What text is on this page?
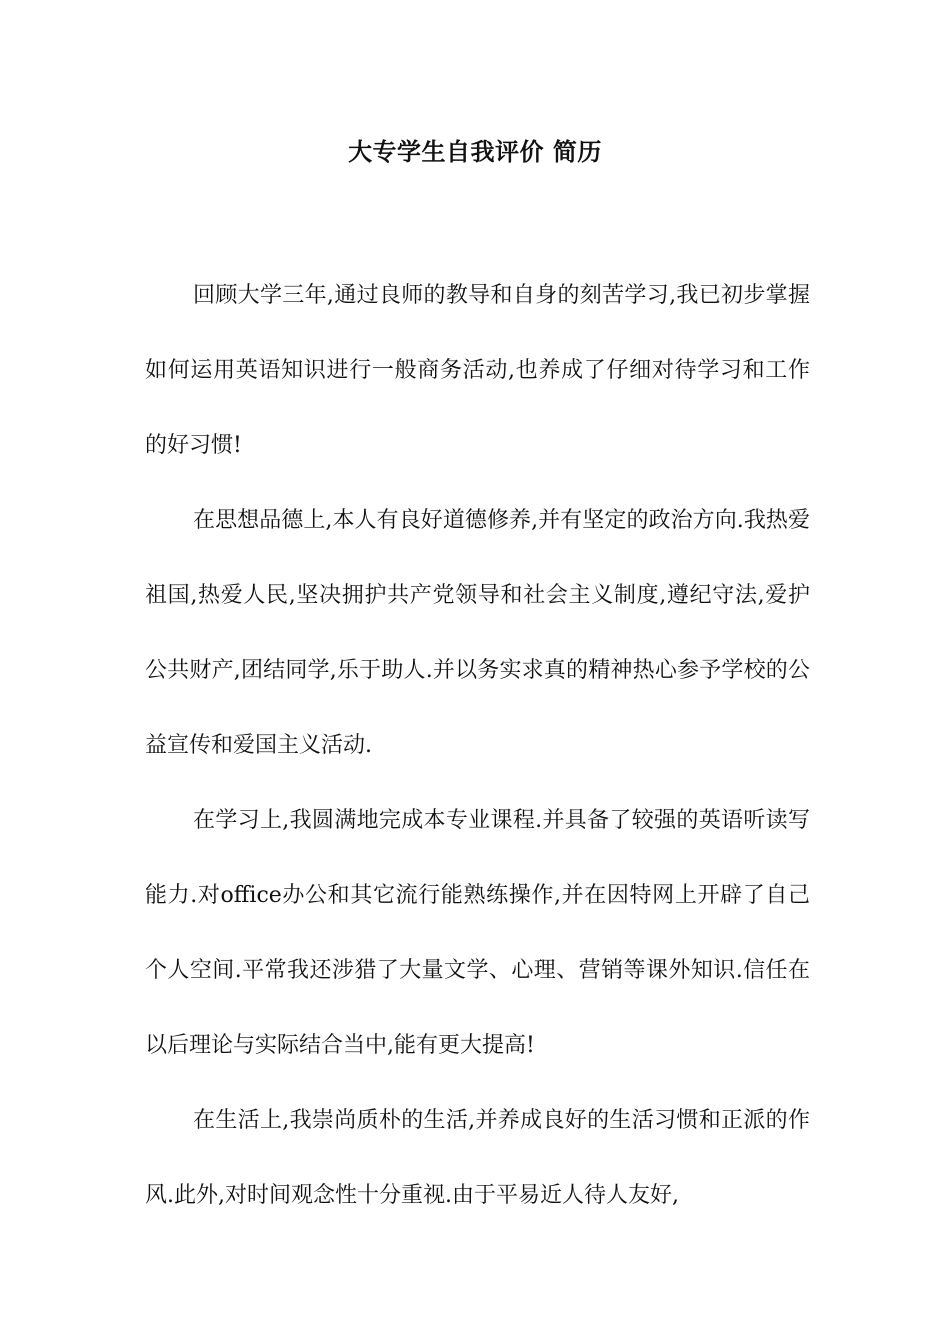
大专学生自我评价 简历

回顾大学三年,通过良师的教导和自身的刻苦学习,我已初步掌握如何运用英语知识进行一般商务活动,也养成了仔细对待学习和工作的好习惯!

在思想品德上,本人有良好道德修养,并有坚定的政治方向.我热爱祖国,热爱人民,坚决拥护共产党领导和社会主义制度,遵纪守法,爱护公共财产,团结同学,乐于助人.并以务实求真的精神热心参予学校的公益宣传和爱国主义活动.

在学习上,我圆满地完成本专业课程.并具备了较强的英语听读写能力.对office办公和其它流行能熟练操作,并在因特网上开辟了自己个人空间.平常我还涉猎了大量文学、心理、营销等课外知识.信任在以后理论与实际结合当中,能有更大提高!

在生活上,我崇尚质朴的生活,并养成良好的生活习惯和正派的作风.此外,对时间观念性十分重视.由于平易近人待人友好,
